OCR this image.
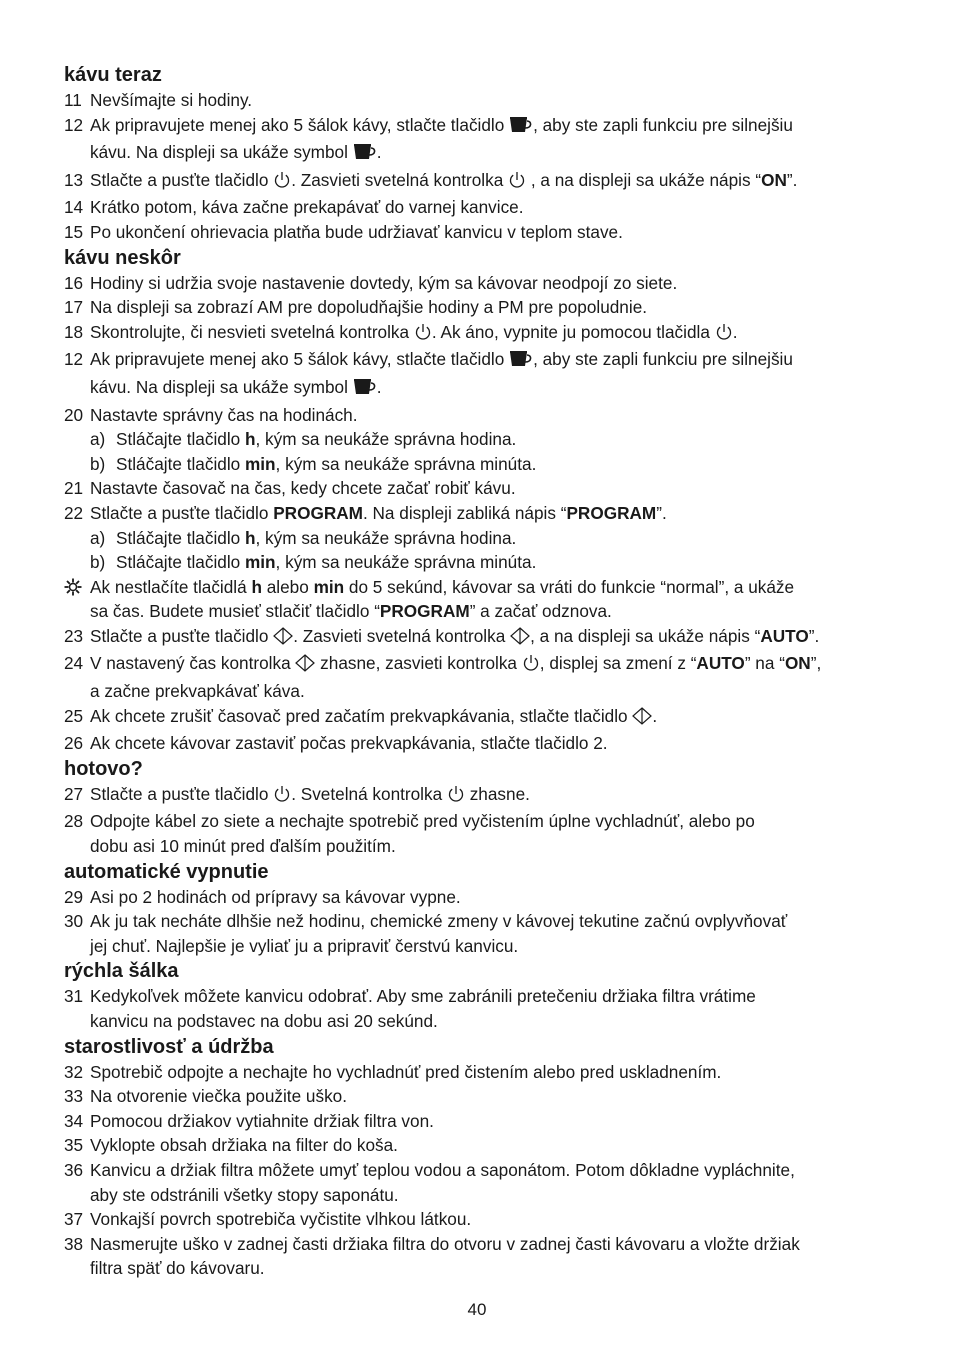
kávu teraz
11 Nevšímajte si hodiny.
12 Ak pripravujete menej ako 5 šálok kávy, stlačte tlačidlo , aby ste zapli funkciu pre silnejšiu
kávu. Na displeji sa ukáže symbol .
13 Stlačte a pusťte tlačidlo . Zasvieti svetelná kontrolka  , a na displeji sa ukáže nápis “ON”.
14 Krátko potom, káva začne prekapávať do varnej kanvice.
15 Po ukončení ohrievacia platňa bude udržiavať kanvicu v teplom stave.
kávu neskôr
16 Hodiny si udržia svoje nastavenie dovtedy, kým sa kávovar neodpojí zo siete.
17 Na displeji sa zobrazí AM pre dopoludňajšie hodiny a PM pre popoludnie.
18 Skontrolujte, či nesvieti svetelná kontrolka . Ak áno, vypnite ju pomocou tlačidla .
12 Ak pripravujete menej ako 5 šálok kávy, stlačte tlačidlo , aby ste zapli funkciu pre silnejšiu
kávu. Na displeji sa ukáže symbol .
20 Nastavte správny čas na hodinách.
a) Stláčajte tlačidlo h, kým sa neukáže správna hodina.
b) Stláčajte tlačidlo min, kým sa neukáže správna minúta.
21 Nastavte časovač na čas, kedy chcete začať robiť kávu.
22 Stlačte a pusťte tlačidlo PROGRAM. Na displeji zabliká nápis “PROGRAM”.
a) Stláčajte tlačidlo h, kým sa neukáže správna hodina.
b) Stláčajte tlačidlo min, kým sa neukáže správna minúta.
Ak nestlačíte tlačidlá h alebo min do 5 sekúnd, kávovar sa vráti do funkcie “normal”, a ukáže
sa čas. Budete musieť stlačiť tlačidlo “PROGRAM” a začať odznova.
23 Stlačte a pusťte tlačidlo . Zasvieti svetelná kontrolka , a na displeji sa ukáže nápis “AUTO”.
24 V nastavený čas kontrolka  zhasne, zasvieti kontrolka , displej sa zmení z “AUTO” na “ON”,
a začne prekvapkávať káva.
25 Ak chcete zrušiť časovač pred začatím prekvapkávania, stlačte tlačidlo .
26 Ak chcete kávovar zastaviť počas prekvapkávania, stlačte tlačidlo 2.
hotovo?
27 Stlačte a pusťte tlačidlo . Svetelná kontrolka  zhasne.
28 Odpojte kábel zo siete a nechajte spotrebič pred vyčistením úplne vychladnúť, alebo po
dobu asi 10 minút pred ďalším použitím.
automatické vypnutie
29 Asi po 2 hodinách od prípravy sa kávovar vypne.
30 Ak ju tak necháte dlhšie než hodinu, chemické zmeny v kávovej tekutine začnú ovplyvňovať
jej chuť. Najlepšie je vyliať ju a pripraviť čerstvú kanvicu.
rýchla šálka
31 Kedykoľvek môžete kanvicu odobrať. Aby sme zabránili pretečeniu držiaka filtra vrátime
kanvicu na podstavec na dobu asi 20 sekúnd.
starostlivosť a údržba
32 Spotrebič odpojte a nechajte ho vychladnúť pred čistením alebo pred uskladnením.
33 Na otvorenie viečka použite uško.
34 Pomocou držiakov vytiahnite držiak filtra von.
35 Vyklopte obsah držiaka na filter do koša.
36 Kanvicu a držiak filtra môžete umyť teplou vodou a saponátom. Potom dôkladne vypláchnite,
aby ste odstránili všetky stopy saponátu.
37 Vonkajší povrch spotrebiča vyčistite vlhkou látkou.
38 Nasmerujte uško v zadnej časti držiaka filtra do otvoru v zadnej časti kávovaru a vložte držiak
filtra späť do kávovaru.
40
